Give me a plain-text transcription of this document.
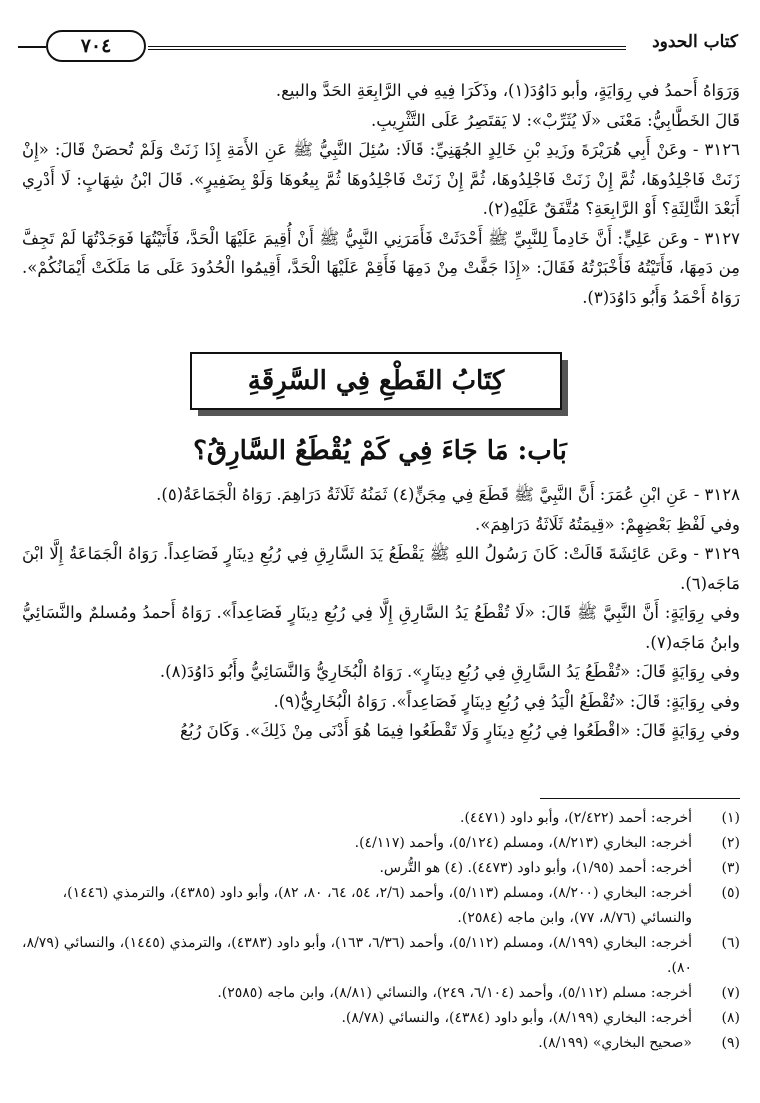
كتاب الحدود
٧٠٤

وَرَوَاهُ أَحمدُ في رِوَايَةٍ، وأبو دَاوُدَ(١)، وذَكَرَا فِيهِ في الرَّابِعَةِ الحَدَّ والبيع.

قَالَ الخَطَّابِيُّ: مَعْنَى «لَا يُثَرِّبْ»: لا يَقتَصِرُ عَلَى التَّثْرِيبِ.

٣١٢٦ - وعَنْ أَبِي هُرَيْرَةَ وزَيدِ بْنِ خَالِدٍ الجُهَنِيِّ: قَالَا: سُئِلَ النَّبِيُّ ﷺ عَنِ الأَمَةِ إِذَا زَنَتْ وَلَمْ تُحصَنْ قَالَ: «إِنْ زَنَتْ فَاجْلِدُوهَا، ثُمَّ إِنْ زَنَتْ فَاجْلِدُوهَا، ثُمَّ إِنْ زَنَتْ فَاجْلِدُوهَا ثُمَّ بِيعُوهَا وَلَوْ بِضَفِيرٍ». قَالَ ابْنُ شِهَابٍ: لَا أَدْرِي أَبَعْدَ الثَّالِثَةِ؟ أَوْ الرَّابِعَةِ؟ مُتَّفَقٌ عَلَيْهِ(٢).

٣١٢٧ - وعَن عَلِيٍّ: أَنَّ خَادِماً لِلنَّبِيِّ ﷺ أَحْدَثَتْ فَأَمَرَنِي النَّبِيُّ ﷺ أَنْ أُقِيمَ عَلَيْهَا الْحَدَّ، فَأَتَيْتُهَا فَوَجَدْتُهَا لَمْ تَجِفَّ مِن دَمِهَا، فَأَتَيْتُهُ فَأَخْبَرْتُهُ فَقَالَ: «إِذَا جَفَّتْ مِنْ دَمِهَا فَأَقِمْ عَلَيْهَا الْحَدَّ، أَقِيمُوا الْحُدُودَ عَلَى مَا مَلَكَتْ أَيْمَانُكُمْ». رَوَاهُ أَحْمَدُ وَأَبُو دَاوُدَ(٣).

كِتَابُ القَطْعِ فِي السَّرِقَةِ
بَاب: مَا جَاءَ فِي كَمْ يُقْطَعُ السَّارِقُ؟

٣١٢٨ - عَنِ ابْنِ عُمَرَ: أَنَّ النَّبِيَّ ﷺ قَطَعَ فِي مِجَنٍّ(٤) ثَمَنُهُ ثَلَاثَةُ دَرَاهِمَ. رَوَاهُ الْجَمَاعَةُ(٥).

وفي لَفْظِ بَعْضِهِمْ: «قِيمَتُهُ ثَلَاثَةُ دَرَاهِمَ».

٣١٢٩ - وعَن عَائِشَةَ قَالَتْ: كَانَ رَسُولُ اللهِ ﷺ يَقْطَعُ يَدَ السَّارِقِ فِي رُبُعِ دِينَارٍ فَصَاعِداً. رَوَاهُ الْجَمَاعَةُ إِلَّا ابْنَ مَاجَه(٦).

وفي رِوَايَةٍ: أَنَّ النَّبِيَّ ﷺ قَالَ: «لَا تُقْطَعُ يَدُ السَّارِقِ إِلَّا فِي رُبُعِ دِينَارٍ فَصَاعِداً». رَوَاهُ أَحمدُ ومُسلمٌ والنَّسَائِيُّ وابنُ مَاجَه(٧).

وفي رِوَايَةٍ قَالَ: «تُقْطَعُ يَدُ السَّارِقِ فِي رُبُعِ دِينَارٍ». رَوَاهُ الْبُخَارِيُّ وَالنَّسَائِيُّ وأَبُو دَاوُدَ(٨).

وفي رِوَايَةٍ: قَالَ: «تُقْطَعُ الْيَدُ فِي رُبُعِ دِينَارٍ فَصَاعِداً». رَوَاهُ الْبُخَارِيُّ(٩).

وفي رِوَايَةٍ قَالَ: «اقْطَعُوا فِي رُبُعِ دِينَارٍ وَلَا تَقْطَعُوا فِيمَا هُوَ أَدْنَى مِنْ ذَلِكَ». وَكَانَ رُبُعُ

(١)
أخرجه: أحمد (٢/٤٢٢)، وأبو داود (٤٤٧١).

(٢)
أخرجه: البخاري (٨/٢١٣)، ومسلم (٥/١٢٤)، وأحمد (٤/١١٧).

(٣)
أخرجه: أحمد (١/٩٥)، وأبو داود (٤٤٧٣). (٤) هو التُّرس.

(٥)
أخرجه: البخاري (٨/٢٠٠)، ومسلم (٥/١١٣)، وأحمد (٢/٦، ٥٤، ٦٤، ٨٠، ٨٢)، وأبو داود (٤٣٨٥)، والترمذي (١٤٤٦)، والنسائي (٨/٧٦، ٧٧)، وابن ماجه (٢٥٨٤).

(٦)
أخرجه: البخاري (٨/١٩٩)، ومسلم (٥/١١٢)، وأحمد (٦/٣٦، ١٦٣)، وأبو داود (٤٣٨٣)، والترمذي (١٤٤٥)، والنسائي (٨/٧٩، ٨٠).

(٧)
أخرجه: مسلم (٥/١١٢)، وأحمد (٦/١٠٤، ٢٤٩)، والنسائي (٨/٨١)، وابن ماجه (٢٥٨٥).

(٨)
أخرجه: البخاري (٨/١٩٩)، وأبو داود (٤٣٨٤)، والنسائي (٨/٧٨).

(٩)
«صحيح البخاري» (٨/١٩٩).
